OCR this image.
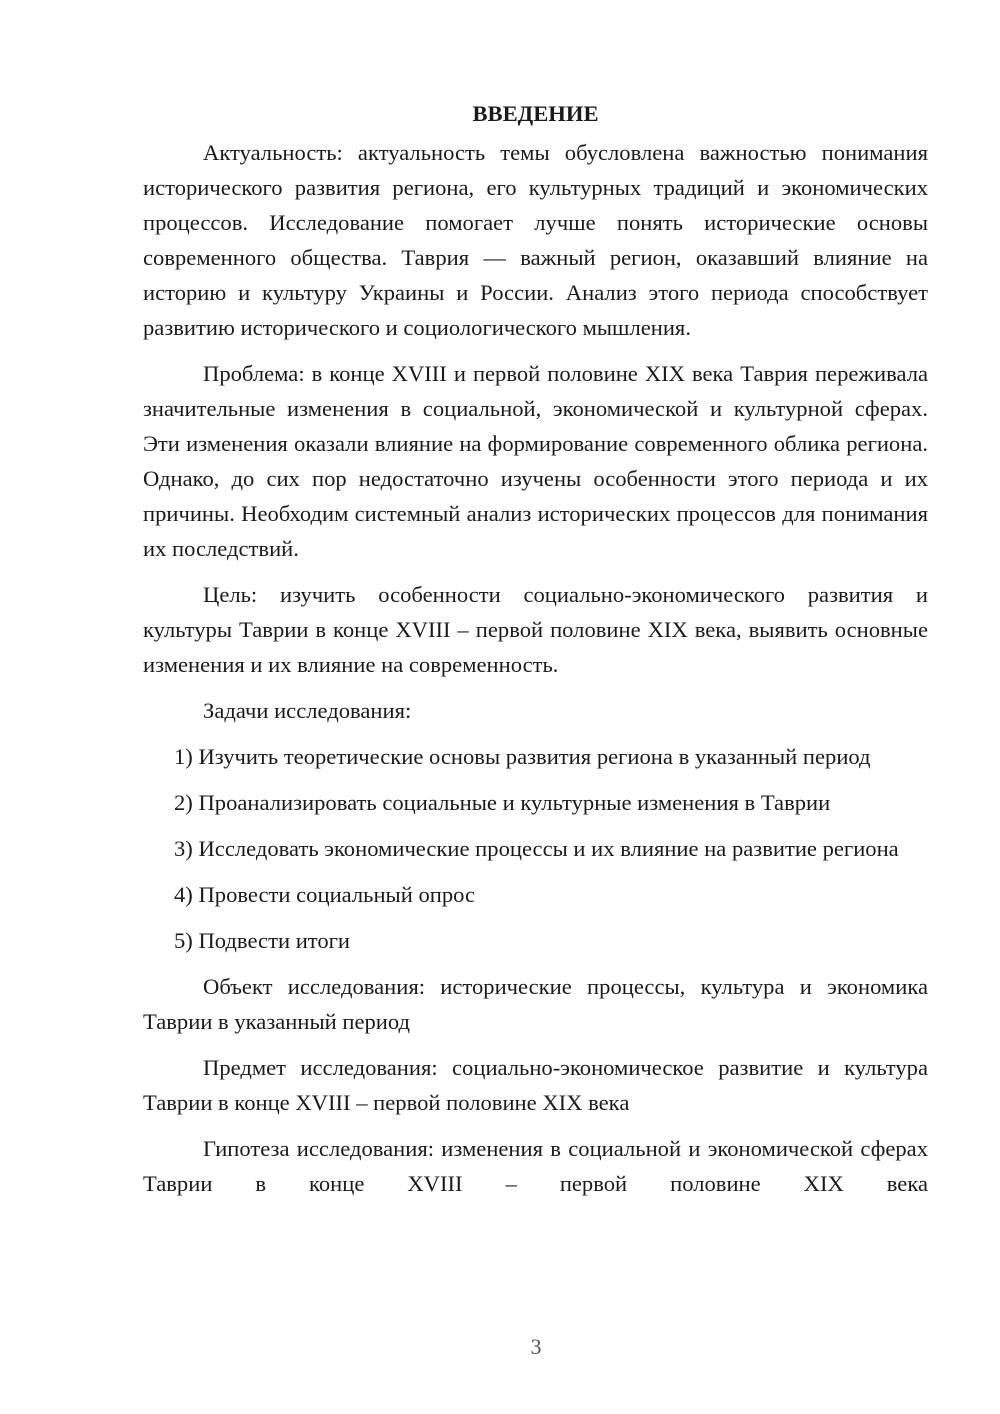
ВВЕДЕНИЕ

Актуальность: актуальность темы обусловлена важностью понимания исторического развития региона, его культурных традиций и экономических процессов. Исследование помогает лучше понять исторические основы современного общества. Таврия — важный регион, оказавший влияние на историю и культуру Украины и России. Анализ этого периода способствует развитию исторического и социологического мышления.

Проблема: в конце XVIII и первой половине XIX века Таврия переживала значительные изменения в социальной, экономической и культурной сферах. Эти изменения оказали влияние на формирование современного облика региона. Однако, до сих пор недостаточно изучены особенности этого периода и их причины. Необходим системный анализ исторических процессов для понимания их последствий.

Цель: изучить особенности социально-экономического развития и культуры Таврии в конце XVIII – первой половине XIX века, выявить основные изменения и их влияние на современность.

Задачи исследования:

1) Изучить теоретические основы развития региона в указанный период

2) Проанализировать социальные и культурные изменения в Таврии

3) Исследовать экономические процессы и их влияние на развитие региона

4) Провести социальный опрос

5) Подвести итоги

Объект исследования: исторические процессы, культура и экономика Таврии в указанный период

Предмет исследования: социально-экономическое развитие и культура Таврии в конце XVIII – первой половине XIX века

Гипотеза исследования: изменения в социальной и экономической сферах Таврии в конце XVIII – первой половине XIX века

3
